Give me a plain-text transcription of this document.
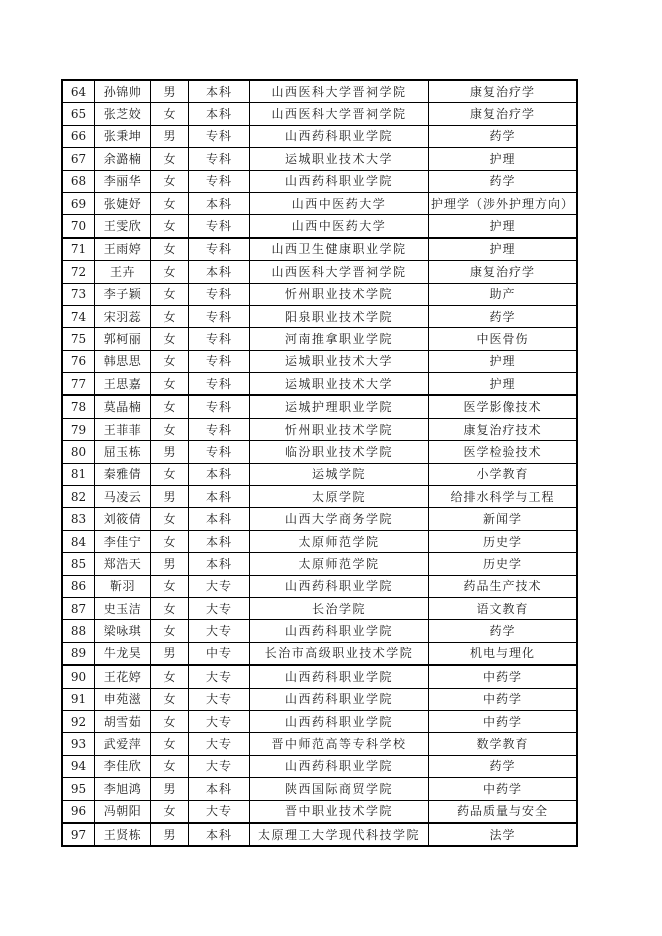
64	孙锦帅	男	本科	山西医科大学晋祠学院	康复治疗学
65	张芝姣	女	本科	山西医科大学晋祠学院	康复治疗学
66	张秉坤	男	专科	山西药科职业学院	药学
67	余潞楠	女	专科	运城职业技术大学	护理
68	李丽华	女	专科	山西药科职业学院	药学
69	张婕妤	女	本科	山西中医药大学	护理学（涉外护理方向）
70	王雯欣	女	专科	山西中医药大学	护理
71	王雨婷	女	专科	山西卫生健康职业学院	护理
72	王卉	女	本科	山西医科大学晋祠学院	康复治疗学
73	李子颖	女	专科	忻州职业技术学院	助产
74	宋羽蕊	女	专科	阳泉职业技术学院	药学
75	郭柯丽	女	专科	河南推拿职业学院	中医骨伤
76	韩思思	女	专科	运城职业技术大学	护理
77	王思嘉	女	专科	运城职业技术大学	护理
78	莫晶楠	女	专科	运城护理职业学院	医学影像技术
79	王菲菲	女	专科	忻州职业技术学院	康复治疗技术
80	屈玉栋	男	专科	临汾职业技术学院	医学检验技术
81	秦雅倩	女	本科	运城学院	小学教育
82	马凌云	男	本科	太原学院	给排水科学与工程
83	刘筱倩	女	本科	山西大学商务学院	新闻学
84	李佳宁	女	本科	太原师范学院	历史学
85	郑浩天	男	本科	太原师范学院	历史学
86	靳羽	女	大专	山西药科职业学院	药品生产技术
87	史玉洁	女	大专	长治学院	语文教育
88	梁咏琪	女	大专	山西药科职业学院	药学
89	牛龙昊	男	中专	长治市高级职业技术学院	机电与理化
90	王花婷	女	大专	山西药科职业学院	中药学
91	申苑滋	女	大专	山西药科职业学院	中药学
92	胡雪茹	女	大专	山西药科职业学院	中药学
93	武爱萍	女	大专	晋中师范高等专科学校	数学教育
94	李佳欣	女	大专	山西药科职业学院	药学
95	李旭鸿	男	本科	陕西国际商贸学院	中药学
96	冯朝阳	女	大专	晋中职业技术学院	药品质量与安全
97	王贤栋	男	本科	太原理工大学现代科技学院	法学
